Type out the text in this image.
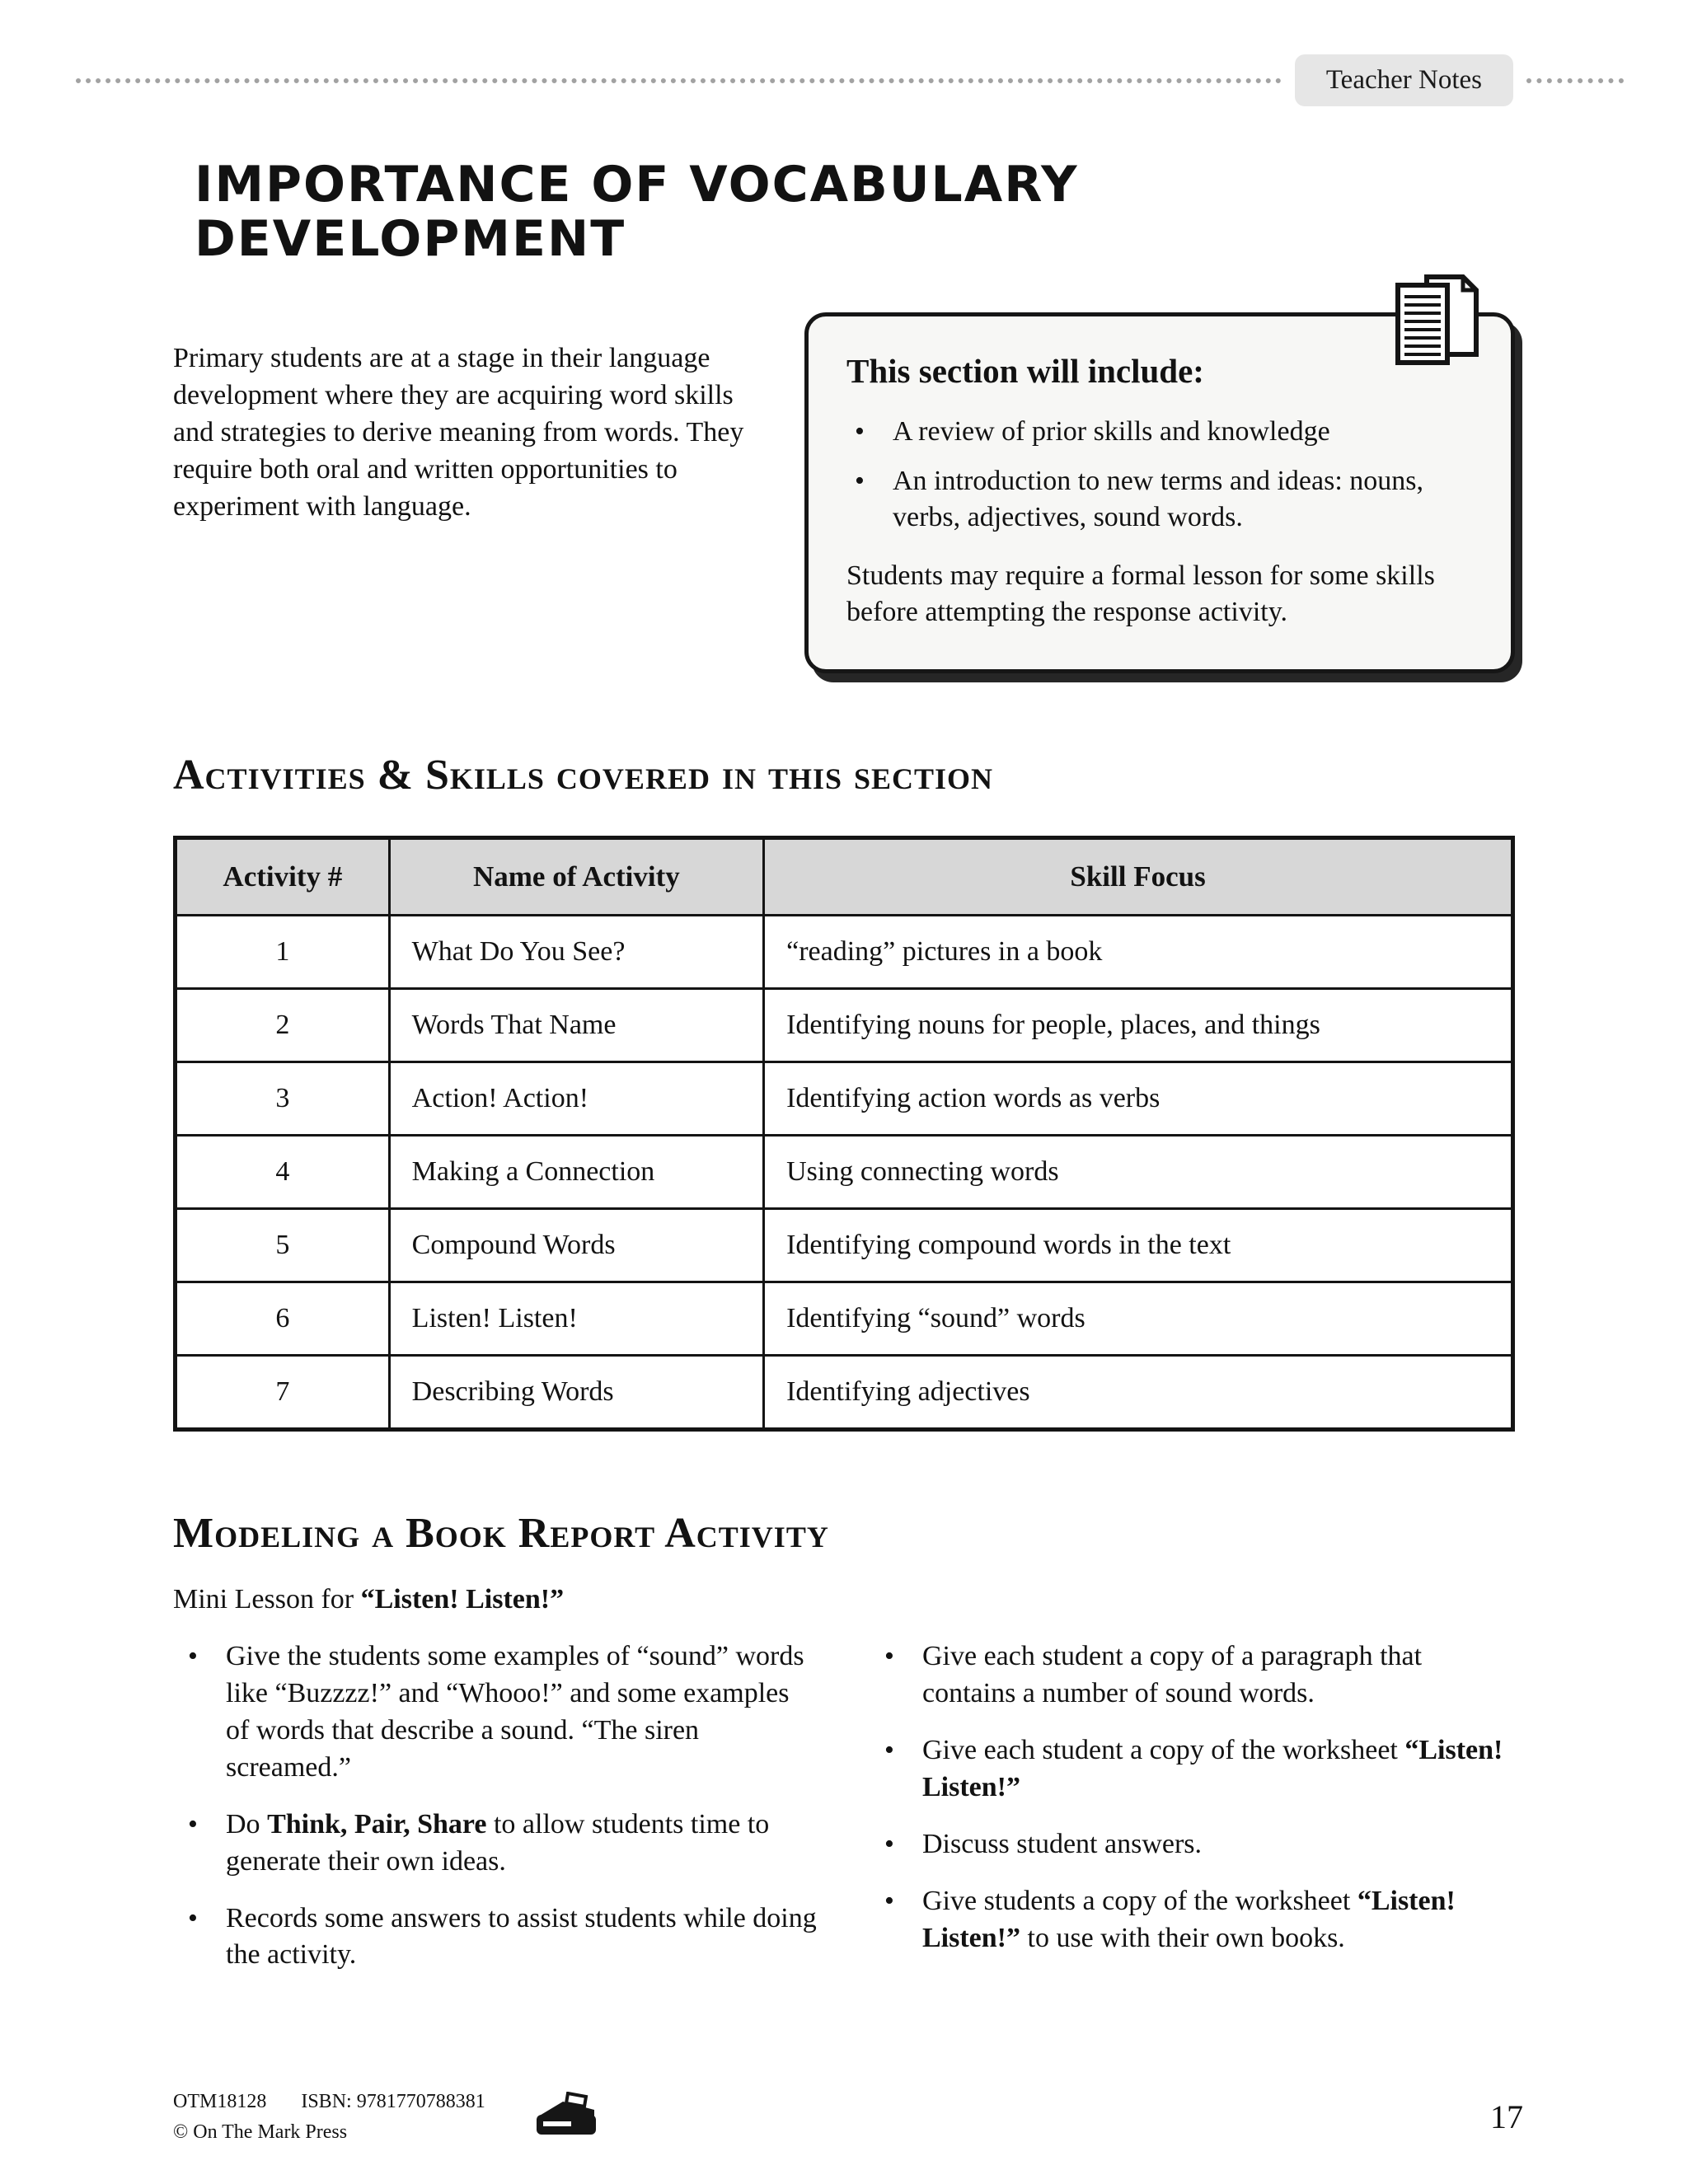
Teacher Notes
IMPORTANCE OF VOCABULARY DEVELOPMENT

Primary students are at a stage in their language development where they are acquiring word skills and strategies to derive meaning from words. They require both oral and written opportunities to experiment with language.

This section will include:
•	A review of prior skills and knowledge
•	An introduction to new terms and ideas: nouns, verbs, adjectives, sound words.

Students may require a formal lesson for some skills before attempting the response activity.

Activities & Skills covered in this section
Activity #	Name of Activity	Skill Focus
1	What Do You See?	“reading” pictures in a book
2	Words That Name	Identifying nouns for people, places, and things
3	Action! Action!	Identifying action words as verbs
4	Making a Connection	Using connecting words
5	Compound Words	Identifying compound words in the text
6	Listen! Listen!	Identifying “sound” words
7	Describing Words	Identifying adjectives
Modeling a Book Report Activity

Mini Lesson for “Listen! Listen!”

•	Give the students some examples of “sound” words like “Buzzzz!” and “Whooo!” and some examples of words that describe a sound. “The siren screamed.”
•	Do Think, Pair, Share to allow students time to generate their own ideas.
•	Records some answers to assist students while doing the activity.
•	Give each student a copy of a paragraph that contains a number of sound words.
•	Give each student a copy of the worksheet “Listen! Listen!”
•	Discuss student answers.
•	Give students a copy of the worksheet “Listen! Listen!” to use with their own books.
OTM18128 ISBN: 9781770788381
© On The Mark Press	17
